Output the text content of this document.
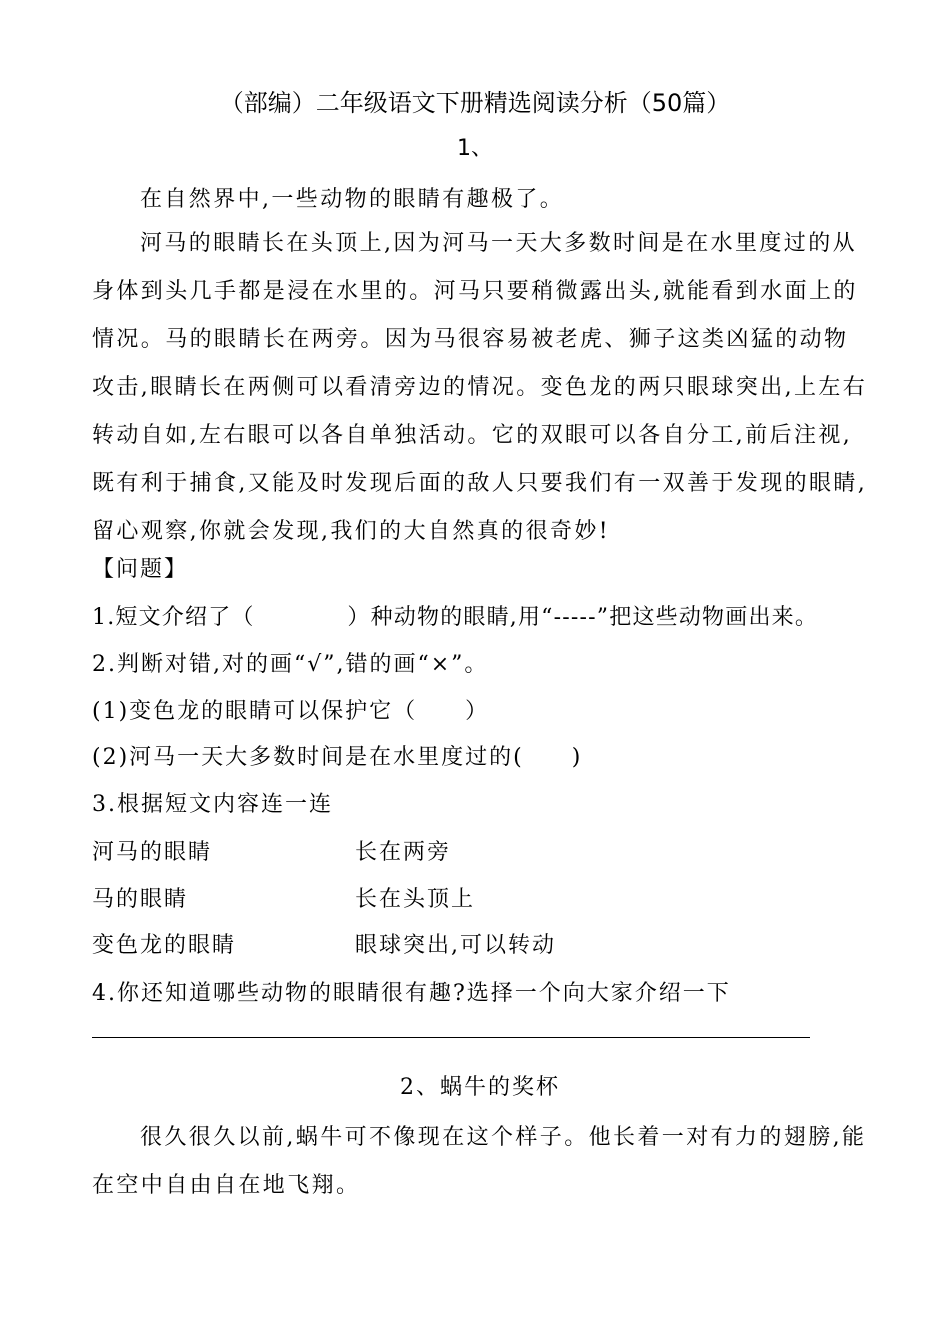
（部编）二年级语文下册精选阅读分析（50篇）
1、

在自然界中,一些动物的眼睛有趣极了。

河马的眼睛长在头顶上,因为河马一天大多数时间是在水里度过的从身体到头几手都是浸在水里的。河马只要稍微露出头,就能看到水面上的情况。马的眼睛长在两旁。因为马很容易被老虎、狮子这类凶猛的动物攻击,眼睛长在两侧可以看清旁边的情况。变色龙的两只眼球突出,上左右转动自如,左右眼可以各自单独活动。它的双眼可以各自分工,前后注视,既有利于捕食,又能及时发现后面的敌人只要我们有一双善于发现的眼睛,留心观察,你就会发现,我们的大自然真的很奇妙!

【问题】
1.短文介绍了（　　　　）种动物的眼睛,用“-----”把这些动物画出来。
2.判断对错,对的画“√”,错的画“×”。
(1)变色龙的眼睛可以保护它（　　）
(2)河马一天大多数时间是在水里度过的(　　)
3.根据短文内容连一连
河马的眼睛	长在两旁
马的眼睛	长在头顶上
变色龙的眼睛	眼球突出,可以转动
4.你还知道哪些动物的眼睛很有趣?选择一个向大家介绍一下
2、蜗牛的奖杯

很久很久以前,蜗牛可不像现在这个样子。他长着一对有力的翅膀,能在空中自由自在地飞翔。
